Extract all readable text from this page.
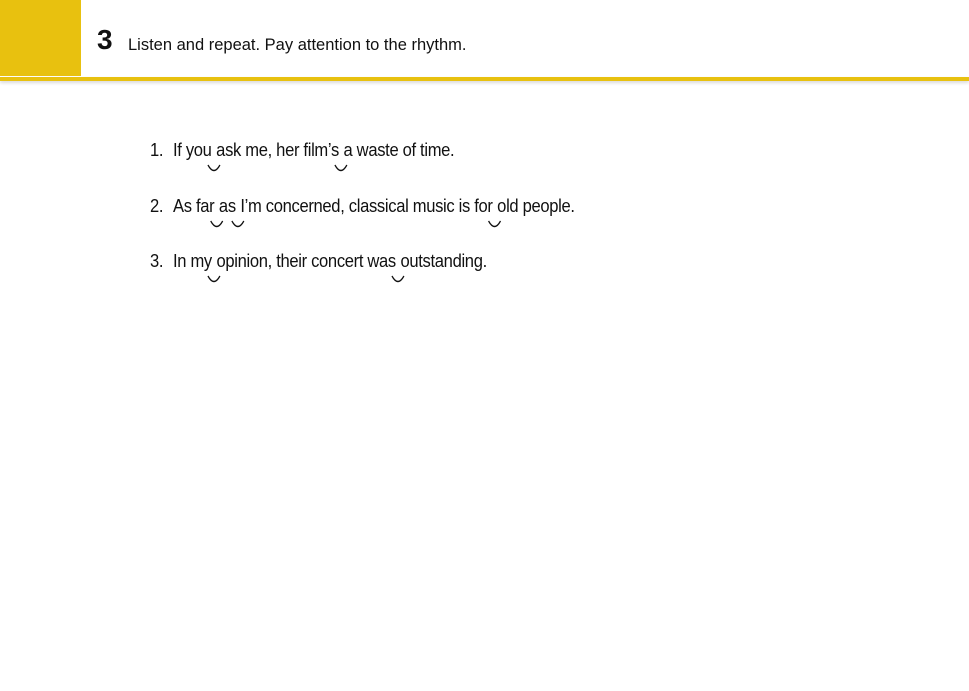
3 Listen and repeat. Pay attention to the rhythm.
1. If you ask me, her film’s a waste of time.
2. As far as I’m concerned, classical music is for old people.
3. In my opinion, their concert was outstanding.
